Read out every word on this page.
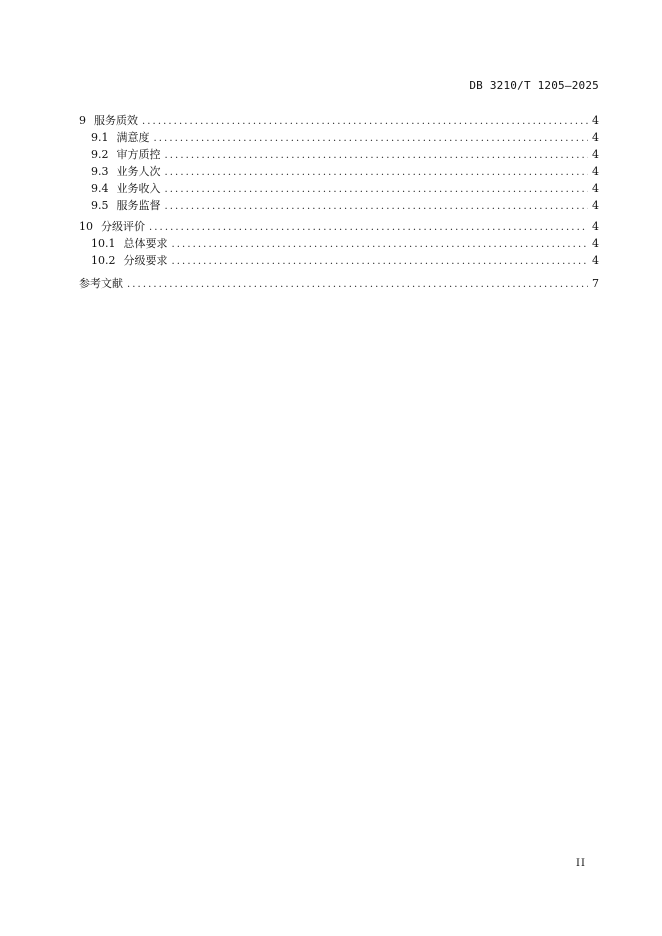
DB 3210/T 1205—2025
9 服务质效 .....	4
9.1 满意度 .....	4
9.2 审方质控 .....	4
9.3 业务人次 .....	4
9.4 业务收入 .....	4
9.5 服务监督 .....	4
10 分级评价 .....	4
10.1 总体要求 .....	4
10.2 分级要求 .....	4
参考文献 .....	7
II
